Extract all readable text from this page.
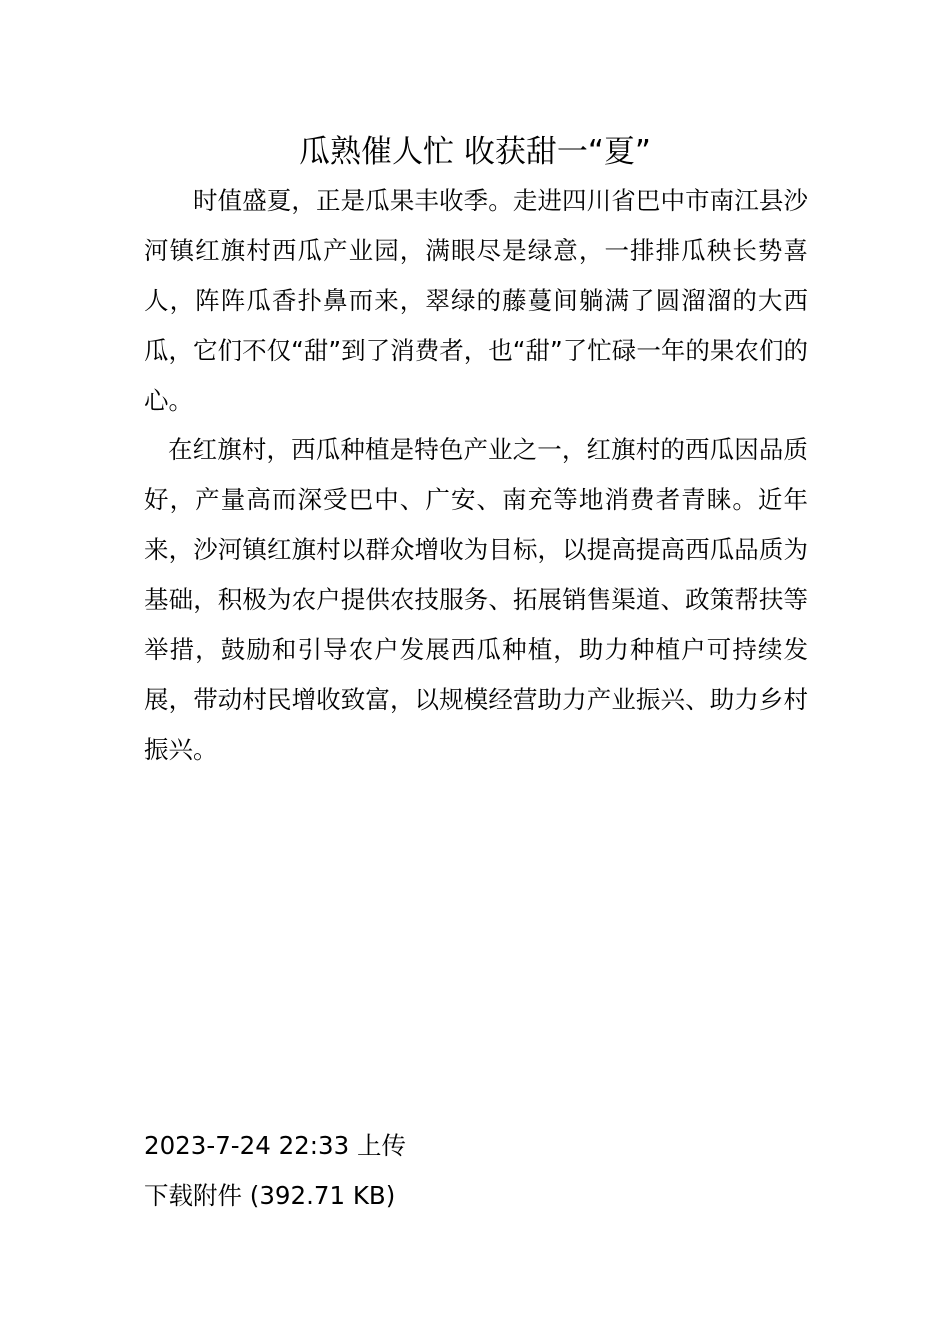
瓜熟催人忙 收获甜一“夏”
时值盛夏，正是瓜果丰收季。走进四川省巴中市南江县沙河镇红旗村西瓜产业园，满眼尽是绿意，一排排瓜秧长势喜人，阵阵瓜香扑鼻而来，翠绿的藤蔓间躺满了圆溜溜的大西瓜，它们不仅“甜”到了消费者，也“甜”了忙碌一年的果农们的心。
在红旗村，西瓜种植是特色产业之一，红旗村的西瓜因品质好，产量高而深受巴中、广安、南充等地消费者青睐。近年来，沙河镇红旗村以群众增收为目标，以提高提高西瓜品质为基础，积极为农户提供农技服务、拓展销售渠道、政策帮扶等举措，鼓励和引导农户发展西瓜种植，助力种植户可持续发展，带动村民增收致富，以规模经营助力产业振兴、助力乡村振兴。
2023-7-24 22:33 上传
下载附件 (392.71 KB)
